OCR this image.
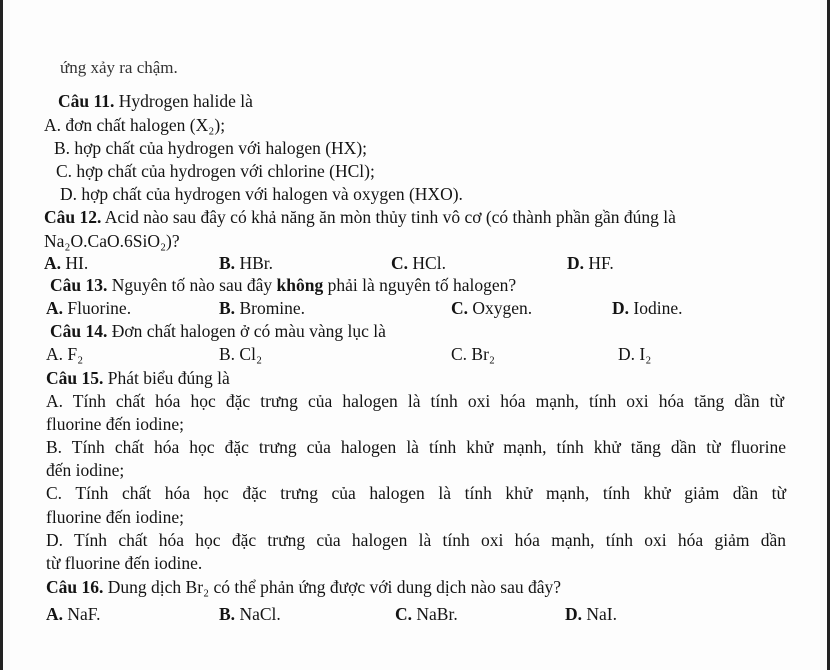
ứng xảy ra chậm.
Câu 11. Hydrogen halide là
A. đơn chất halogen (X₂);
B. hợp chất của hydrogen với halogen (HX);
C. hợp chất của hydrogen với chlorine (HCl);
D. hợp chất của hydrogen với halogen và oxygen (HXO).
Câu 12. Acid nào sau đây có khả năng ăn mòn thủy tinh vô cơ (có thành phần gần đúng là
Na₂O.CaO.6SiO₂)?
A. HI.	B. HBr.	C. HCl.	D. HF.
Câu 13. Nguyên tố nào sau đây không phải là nguyên tố halogen?
A. Fluorine.	B. Bromine.	C. Oxygen.	D. Iodine.
Câu 14. Đơn chất halogen ở có màu vàng lục là
A. F₂	B. Cl₂	C. Br₂	D. I₂
Câu 15. Phát biểu đúng là
A. Tính chất hóa học đặc trưng của halogen là tính oxi hóa mạnh, tính oxi hóa tăng dần từ
fluorine đến iodine;
B. Tính chất hóa học đặc trưng của halogen là tính khử mạnh, tính khử tăng dần từ fluorine
đến iodine;
C. Tính chất hóa học đặc trưng của halogen là tính khử mạnh, tính khử giảm dần từ
fluorine đến iodine;
D. Tính chất hóa học đặc trưng của halogen là tính oxi hóa mạnh, tính oxi hóa giảm dần
từ fluorine đến iodine.
Câu 16. Dung dịch Br₂ có thể phản ứng được với dung dịch nào sau đây?
A. NaF.	B. NaCl.	C. NaBr.	D. NaI.
